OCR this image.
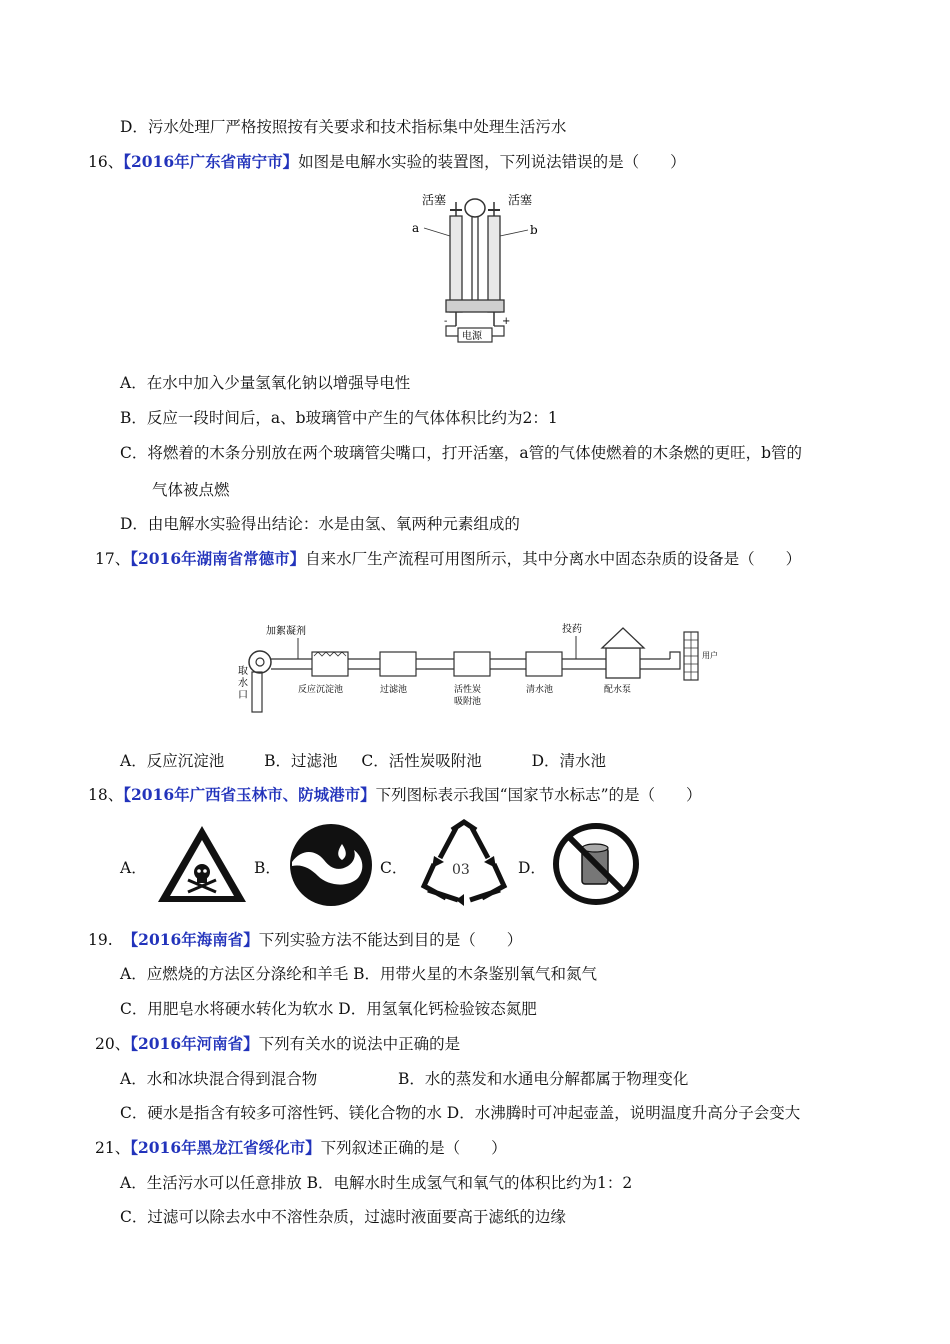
D．污水处理厂严格按照按有关要求和技术指标集中处理生活污水
16、【2016年广东省南宁市】如图是电解水实验的装置图，下列说法错误的是（　　）
活塞	活塞
a	b
电源
-	+
A．在水中加入少量氢氧化钠以增强导电性
B．反应一段时间后，a、b玻璃管中产生的气体体积比约为2：1
C．将燃着的木条分别放在两个玻璃管尖嘴口，打开活塞，a管的气体使燃着的木条燃的更旺，b管的
气体被点燃
D．由电解水实验得出结论：水是由氢、氧两种元素组成的
17、【2016年湖南省常德市】自来水厂生产流程可用图所示，其中分离水中固态杂质的设备是（　　）
取
水
口
加絮凝剂
反应沉淀池	过滤池	活性炭
吸附池
清水池
投药
配水泵
用户
A．反应沉淀池	B．过滤池 C．活性炭吸附池	D．清水池
18、【2016年广西省玉林市、防城港市】下列图标表示我国“国家节水标志”的是（　　）
A．	B．	C．	03	D．
19. 【2016年海南省】下列实验方法不能达到目的是（　　）
A．应燃烧的方法区分涤纶和羊毛 B．用带火星的木条鉴别氧气和氮气
C．用肥皂水将硬水转化为软水 D．用氢氧化钙检验铵态氮肥
20、【2016年河南省】下列有关水的说法中正确的是
A．水和冰块混合得到混合物	B．水的蒸发和水通电分解都属于物理变化
C．硬水是指含有较多可溶性钙、镁化合物的水 D．水沸腾时可冲起壶盖，说明温度升高分子会变大
21、【2016年黑龙江省绥化市】下列叙述正确的是（　　）
A．生活污水可以任意排放 B．电解水时生成氢气和氧气的体积比约为1：2
C．过滤可以除去水中不溶性杂质，过滤时液面要高于滤纸的边缘
